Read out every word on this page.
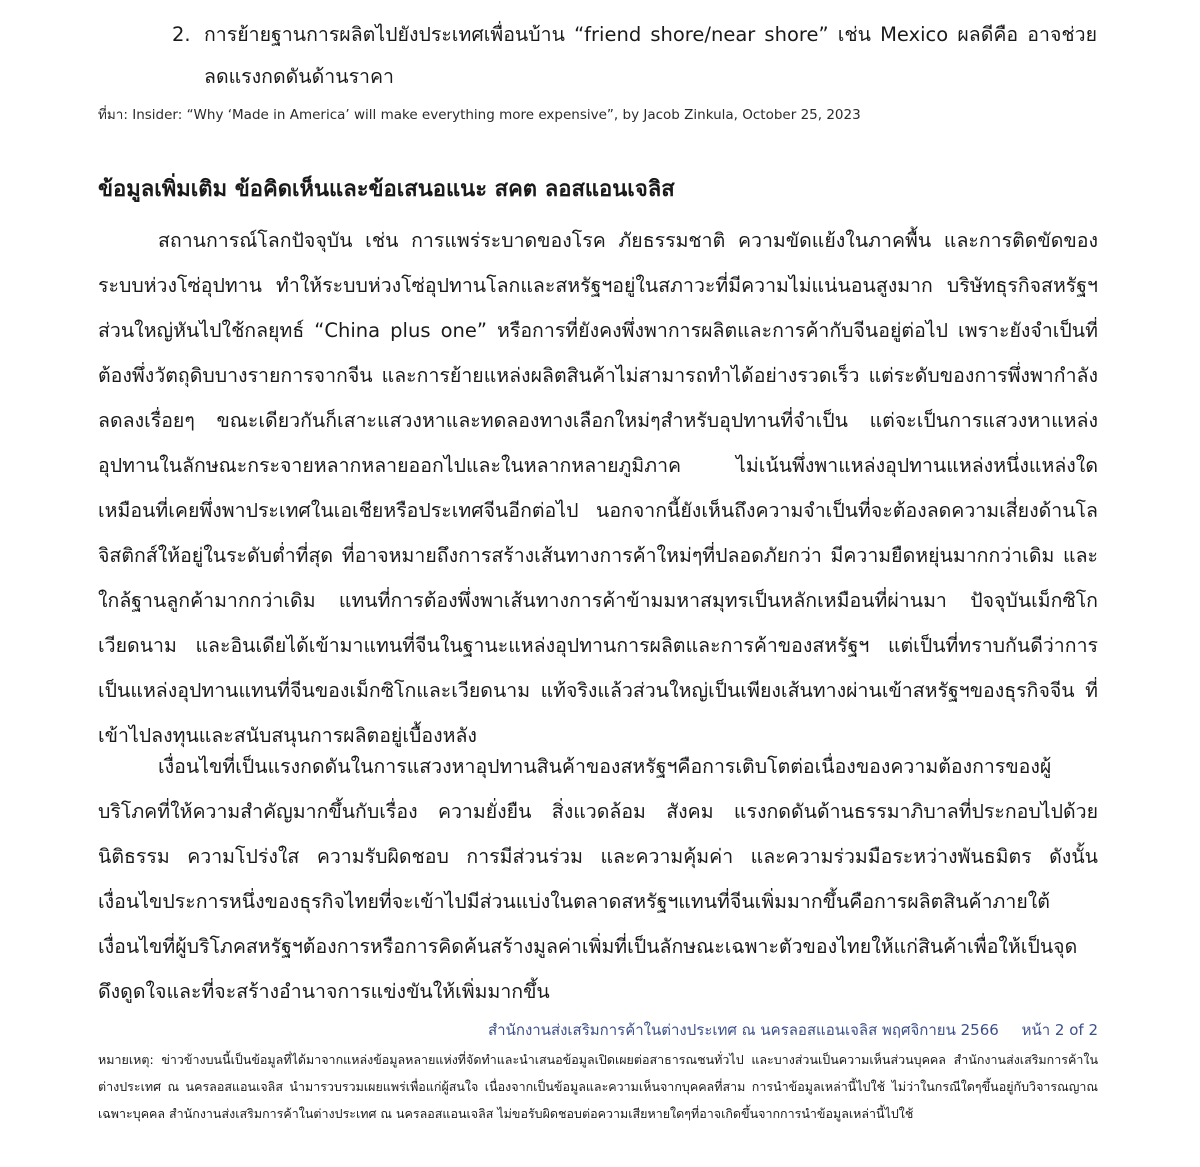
2. การย้ายฐานการผลิตไปยังประเทศเพื่อนบ้าน “friend shore/near shore” เช่น Mexico ผลดีคือ อาจช่วยลดแรงกดดันด้านราคา
ที่มา: Insider: “Why ‘Made in America’ will make everything more expensive”, by Jacob Zinkula, October 25, 2023
ข้อมูลเพิ่มเติม ข้อคิดเห็นและข้อเสนอแนะ สคต ลอสแอนเจลิส
สถานการณ์โลกปัจจุบัน เช่น การแพร่ระบาดของโรค ภัยธรรมชาติ ความขัดแย้งในภาคพื้น และการติดขัดของระบบห่วงโซ่อุปทาน ทำให้ระบบห่วงโซ่อุปทานโลกและสหรัฐฯอยู่ในสภาวะที่มีความไม่แน่นอนสูงมาก บริษัทธุรกิจสหรัฐฯส่วนใหญ่หันไปใช้กลยุทธ์ “China plus one” หรือการที่ยังคงพึ่งพาการผลิตและการค้ากับจีนอยู่ต่อไป เพราะยังจำเป็นที่ต้องพึ่งวัตถุดิบบางรายการจากจีน และการย้ายแหล่งผลิตสินค้าไม่สามารถทำได้อย่างรวดเร็ว แต่ระดับของการพึ่งพากำลังลดลงเรื่อยๆ ขณะเดียวกันก็เสาะแสวงหาและทดลองทางเลือกใหม่ๆสำหรับอุปทานที่จำเป็น แต่จะเป็นการแสวงหาแหล่งอุปทานในลักษณะกระจายหลากหลายออกไปและในหลากหลายภูมิภาค ไม่เน้นพึ่งพาแหล่งอุปทานแหล่งหนึ่งแหล่งใดเหมือนที่เคยพึ่งพาประเทศในเอเชียหรือประเทศจีนอีกต่อไป นอกจากนี้ยังเห็นถึงความจำเป็นที่จะต้องลดความเสี่ยงด้านโลจิสติกส์ให้อยู่ในระดับต่ำที่สุด ที่อาจหมายถึงการสร้างเส้นทางการค้าใหม่ๆที่ปลอดภัยกว่า มีความยืดหยุ่นมากกว่าเดิม และใกล้ฐานลูกค้ามากกว่าเดิม แทนที่การต้องพึ่งพาเส้นทางการค้าข้ามมหาสมุทรเป็นหลักเหมือนที่ผ่านมา ปัจจุบันเม็กซิโก เวียดนาม และอินเดียได้เข้ามาแทนที่จีนในฐานะแหล่งอุปทานการผลิตและการค้าของสหรัฐฯ แต่เป็นที่ทราบกันดีว่าการเป็นแหล่งอุปทานแทนที่จีนของเม็กซิโกและเวียดนาม แท้จริงแล้วส่วนใหญ่เป็นเพียงเส้นทางผ่านเข้าสหรัฐฯของธุรกิจจีน ที่เข้าไปลงทุนและสนับสนุนการผลิตอยู่เบื้องหลัง
เงื่อนไขที่เป็นแรงกดดันในการแสวงหาอุปทานสินค้าของสหรัฐฯคือการเติบโตต่อเนื่องของความต้องการของผู้บริโภคที่ให้ความสำคัญมากขึ้นกับเรื่อง ความยั่งยืน สิ่งแวดล้อม สังคม แรงกดดันด้านธรรมาภิบาลที่ประกอบไปด้วย นิติธรรม ความโปร่งใส ความรับผิดชอบ การมีส่วนร่วม และความคุ้มค่า และความร่วมมือระหว่างพันธมิตร ดังนั้น เงื่อนไขประการหนึ่งของธุรกิจไทยที่จะเข้าไปมีส่วนแบ่งในตลาดสหรัฐฯแทนที่จีนเพิ่มมากขึ้นคือการผลิตสินค้าภายใต้เงื่อนไขที่ผู้บริโภคสหรัฐฯต้องการหรือการคิดค้นสร้างมูลค่าเพิ่มที่เป็นลักษณะเฉพาะตัวของไทยให้แก่สินค้าเพื่อให้เป็นจุดดึงดูดใจและที่จะสร้างอำนาจการแข่งขันให้เพิ่มมากขึ้น
สำนักงานส่งเสริมการค้าในต่างประเทศ ณ นครลอสแอนเจลิส พฤศจิกายน 2566 หน้า 2 of 2
หมายเหตุ: ข่าวข้างบนนี้เป็นข้อมูลที่ได้มาจากแหล่งข้อมูลหลายแห่งที่จัดทำและนำเสนอข้อมูลเปิดเผยต่อสาธารณชนทั่วไป และบางส่วนเป็นความเห็นส่วนบุคคล สำนักงานส่งเสริมการค้าในต่างประเทศ ณ นครลอสแอนเจลิส นำมารวบรวมเผยแพร่เพื่อแก่ผู้สนใจ เนื่องจากเป็นข้อมูลและความเห็นจากบุคคลที่สาม การนำข้อมูลเหล่านี้ไปใช้ ไม่ว่าในกรณีใดๆขึ้นอยู่กับวิจารณญาณเฉพาะบุคคล สำนักงานส่งเสริมการค้าในต่างประเทศ ณ นครลอสแอนเจลิส ไม่ขอรับผิดชอบต่อความเสียหายใดๆที่อาจเกิดขึ้นจากการนำข้อมูลเหล่านี้ไปใช้
